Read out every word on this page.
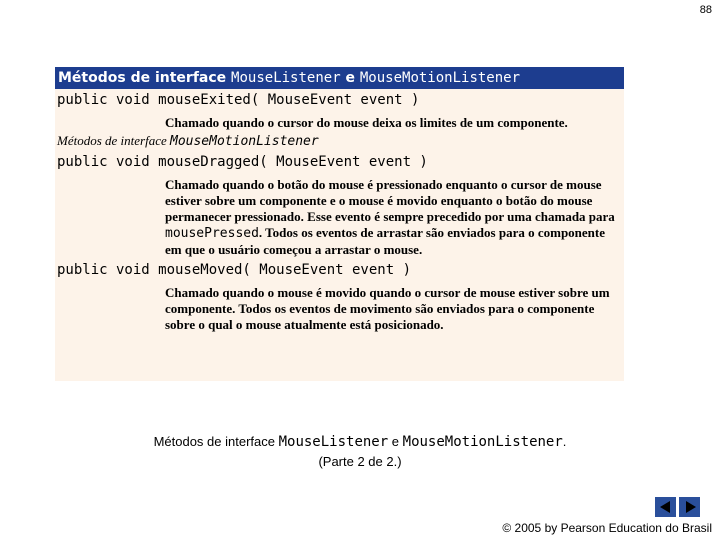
88
Métodos de interface MouseListener e MouseMotionListener
public void mouseExited( MouseEvent event )
Chamado quando o cursor do mouse deixa os limites de um componente.
Métodos de interface MouseMotionListener
public void mouseDragged( MouseEvent event )
Chamado quando o botão do mouse é pressionado enquanto o cursor de mouse estiver sobre um componente e o mouse é movido enquanto o botão do mouse permanecer pressionado. Esse evento é sempre precedido por uma chamada para mousePressed. Todos os eventos de arrastar são enviados para o componente em que o usuário começou a arrastar o mouse.
public void mouseMoved( MouseEvent event )
Chamado quando o mouse é movido quando o cursor de mouse estiver sobre um componente. Todos os eventos de movimento são enviados para o componente sobre o qual o mouse atualmente está posicionado.
Métodos de interface MouseListener e MouseMotionListener.
(Parte 2 de 2.)
© 2005 by Pearson Education do Brasil
